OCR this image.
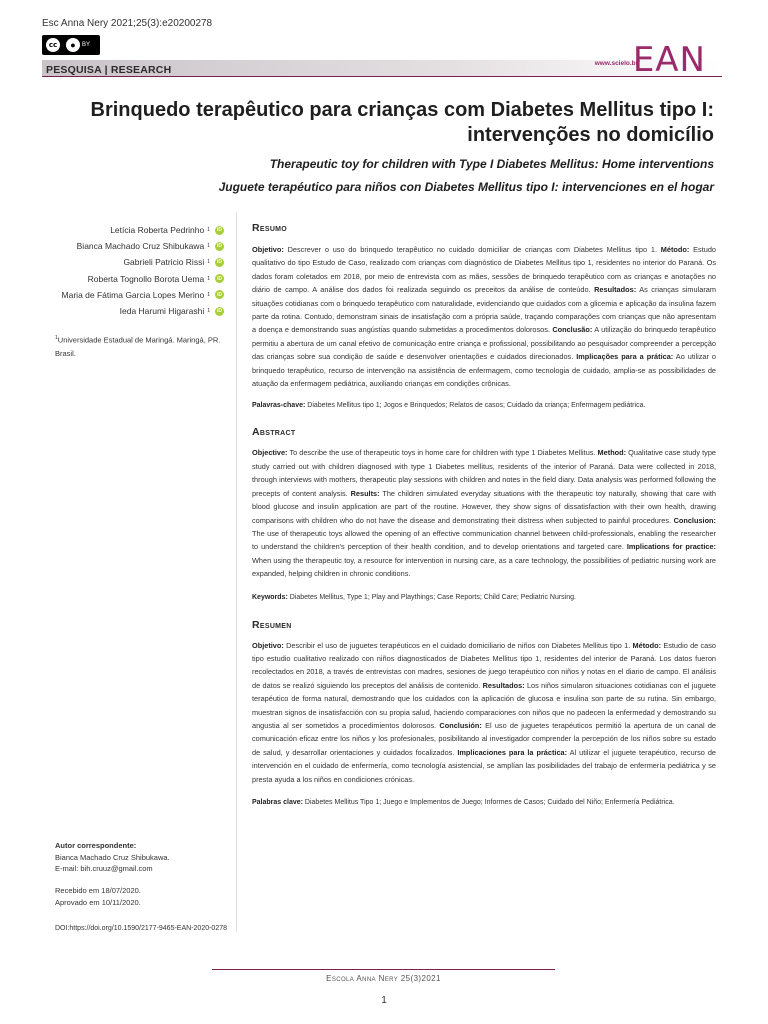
Esc Anna Nery 2021;25(3):e20200278
cc	●	BY
PESQUISA | RESEARCH
www.scielo.br/
EAN
Brinquedo terapêutico para crianças com Diabetes Mellitus tipo I:
intervenções no domicílio
Therapeutic toy for children with Type I Diabetes Mellitus: Home interventions
Juguete terapéutico para niños con Diabetes Mellitus tipo I: intervenciones en el hogar
Letícia Roberta Pedrinho 1	iD
Bianca Machado Cruz Shibukawa 1	iD
Gabrieli Patricio Rissi 1	iD
Roberta Tognollo Borota Uema 1	iD
Maria de Fátima Garcia Lopes Merino 1	iD
Ieda Harumi Higarashi 1	iD
$^1$Universidade Estadual de Maringá. Maringá, PR. Brasil.
Autor correspondente:
Bianca Machado Cruz Shibukawa.
E-mail: bih.cruuz@gmail.com
Recebido em 18/07/2020.
Aprovado em 10/11/2020.
DOI:https://doi.org/10.1590/2177-9465-EAN-2020-0278
Resumo
Objetivo: Descrever o uso do brinquedo terapêutico no cuidado domiciliar de crianças com Diabetes Mellitus tipo 1. Método: Estudo qualitativo do tipo Estudo de Caso, realizado com crianças com diagnóstico de Diabetes Mellitus tipo 1, residentes no interior do Paraná. Os dados foram coletados em 2018, por meio de entrevista com as mães, sessões de brinquedo terapêutico com as crianças e anotações no diário de campo. A análise dos dados foi realizada seguindo os preceitos da análise de conteúdo. Resultados: As crianças simularam situações cotidianas com o brinquedo terapêutico com naturalidade, evidenciando que cuidados com a glicemia e aplicação da insulina fazem parte da rotina. Contudo, demonstram sinais de insatisfação com a própria saúde, traçando comparações com crianças que não apresentam a doença e demonstrando suas angústias quando submetidas a procedimentos dolorosos. Conclusão: A utilização do brinquedo terapêutico permitiu a abertura de um canal efetivo de comunicação entre criança e profissional, possibilitando ao pesquisador compreender a percepção das crianças sobre sua condição de saúde e desenvolver orientações e cuidados direcionados. Implicações para a prática: Ao utilizar o brinquedo terapêutico, recurso de intervenção na assistência de enfermagem, como tecnologia de cuidado, amplia-se as possibilidades de atuação da enfermagem pediátrica, auxiliando crianças em condições crônicas.
Palavras-chave: Diabetes Mellitus tipo 1; Jogos e Brinquedos; Relatos de casos; Cuidado da criança; Enfermagem pediátrica.
Abstract
Objective: To describe the use of therapeutic toys in home care for children with type 1 Diabetes Mellitus. Method: Qualitative case study type study carried out with children diagnosed with type 1 Diabetes mellitus, residents of the interior of Paraná. Data were collected in 2018, through interviews with mothers, therapeutic play sessions with children and notes in the field diary. Data analysis was performed following the precepts of content analysis. Results: The children simulated everyday situations with the therapeutic toy naturally, showing that care with blood glucose and insulin application are part of the routine. However, they show signs of dissatisfaction with their own health, drawing comparisons with children who do not have the disease and demonstrating their distress when subjected to painful procedures. Conclusion: The use of therapeutic toys allowed the opening of an effective communication channel between child-professionals, enabling the researcher to understand the children's perception of their health condition, and to develop orientations and targeted care. Implications for practice: When using the therapeutic toy, a resource for intervention in nursing care, as a care technology, the possibilities of pediatric nursing work are expanded, helping children in chronic conditions.
Keywords: Diabetes Mellitus, Type 1; Play and Playthings; Case Reports; Child Care; Pediatric Nursing.
Resumen
Objetivo: Describir el uso de juguetes terapéuticos en el cuidado domiciliario de niños con Diabetes Mellitus tipo 1. Método: Estudio de caso tipo estudio cualitativo realizado con niños diagnosticados de Diabetes Mellitus tipo 1, residentes del interior de Paraná. Los datos fueron recolectados en 2018, a través de entrevistas con madres, sesiones de juego terapéutico con niños y notas en el diario de campo. El análisis de datos se realizó siguiendo los preceptos del análisis de contenido. Resultados: Los niños simularon situaciones cotidianas con el juguete terapéutico de forma natural, demostrando que los cuidados con la aplicación de glucosa e insulina son parte de su rutina. Sin embargo, muestran signos de insatisfacción con su propia salud, haciendo comparaciones con niños que no padecen la enfermedad y demostrando su angustia al ser sometidos a procedimientos dolorosos. Conclusión: El uso de juguetes terapéuticos permitió la apertura de un canal de comunicación eficaz entre los niños y los profesionales, posibilitando al investigador comprender la percepción de los niños sobre su estado de salud, y desarrollar orientaciones y cuidados focalizados. Implicaciones para la práctica: Al utilizar el juguete terapéutico, recurso de intervención en el cuidado de enfermería, como tecnología asistencial, se amplían las posibilidades del trabajo de enfermería pediátrica y se presta ayuda a los niños en condiciones crónicas.
Palabras clave: Diabetes Mellitus Tipo 1; Juego e Implementos de Juego; Informes de Casos; Cuidado del Niño; Enfermería Pediátrica.
Escola Anna Nery 25(3)2021
1
